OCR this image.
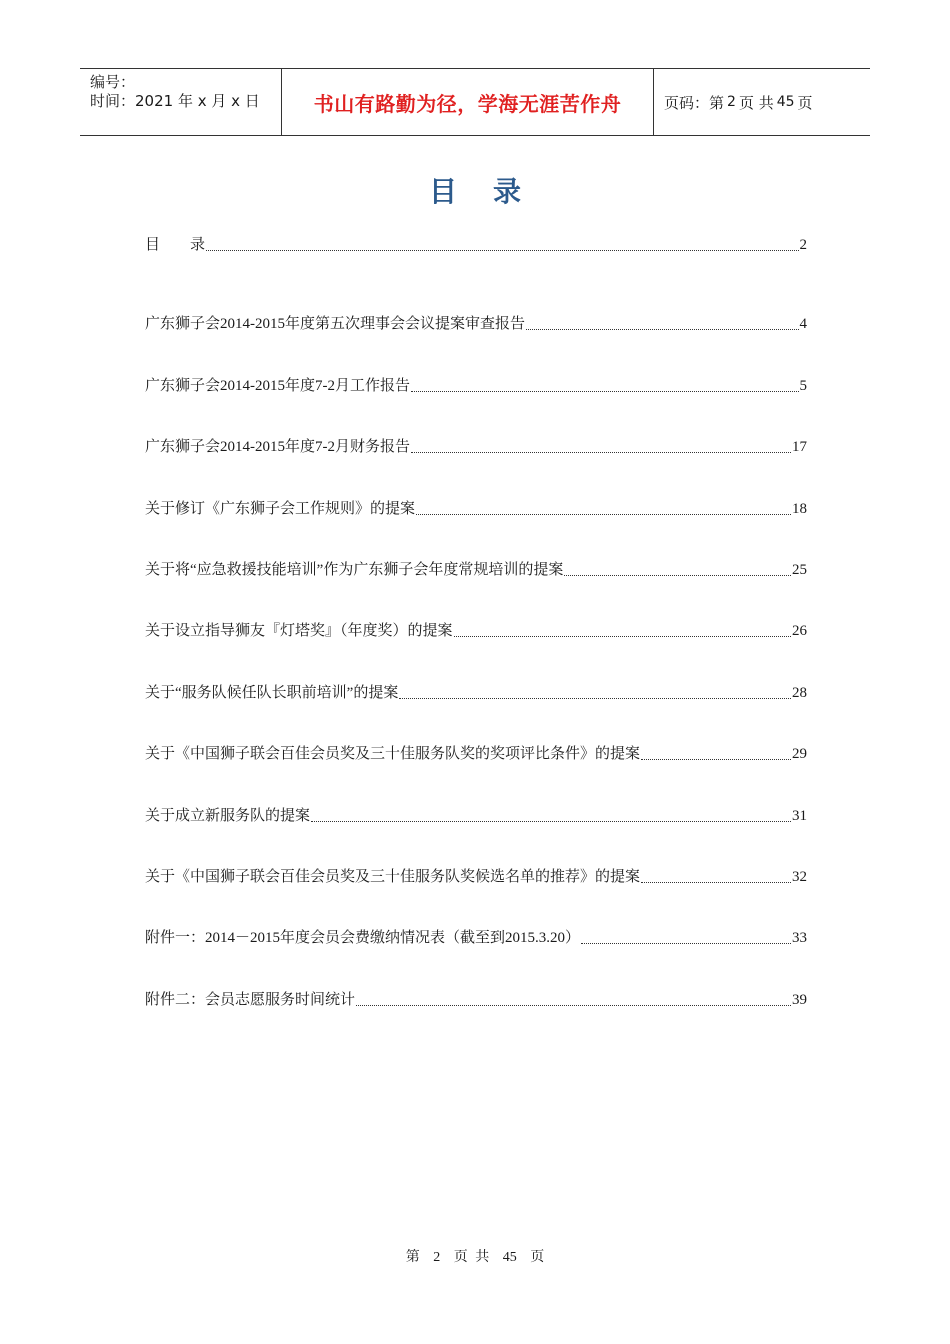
编号：
时间：2021 年 x 月 x 日	书山有路勤为径，学海无涯苦作舟	页码：第 2 页 共 45 页
目录
目　　录	2
广东狮子会2014-2015年度第五次理事会会议提案审查报告	4
广东狮子会2014-2015年度7-2月工作报告	5
广东狮子会2014-2015年度7-2月财务报告	17
关于修订《广东狮子会工作规则》的提案	18
关于将“应急救援技能培训”作为广东狮子会年度常规培训的提案	25
关于设立指导狮友『灯塔奖』（年度奖）的提案	26
关于“服务队候任队长职前培训”的提案	28
关于《中国狮子联会百佳会员奖及三十佳服务队奖的奖项评比条件》的提案	29
关于成立新服务队的提案	31
关于《中国狮子联会百佳会员奖及三十佳服务队奖候选名单的推荐》的提案	32
附件一：2014－2015年度会员会费缴纳情况表（截至到2015.3.20）	33
附件二：会员志愿服务时间统计	39
第 2 页 共 45 页
